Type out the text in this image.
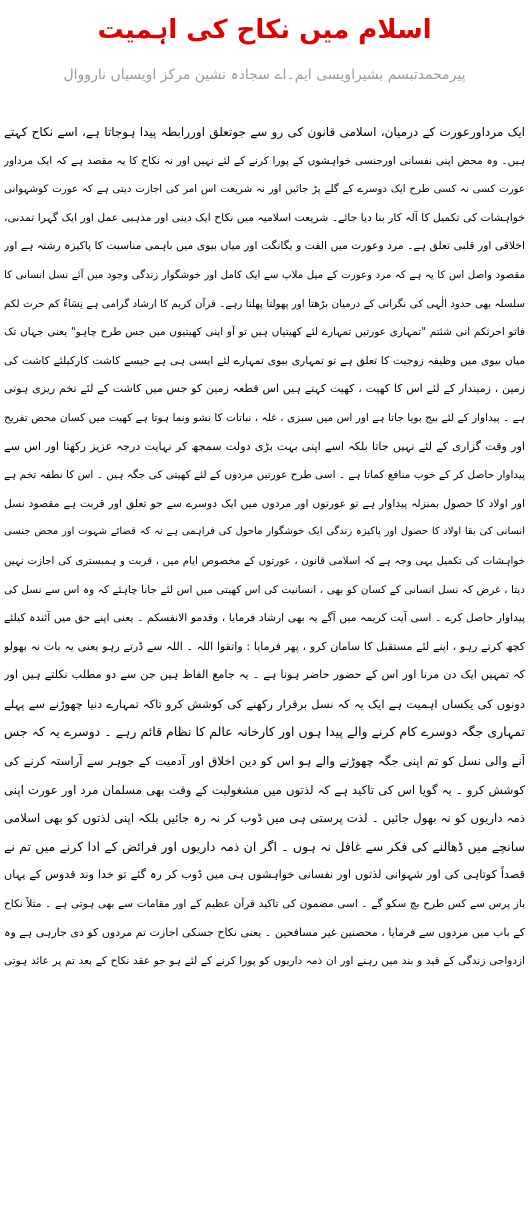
اسلام میں نکاح کی اہمیت
پیرمحمدتبسم بشیراویسی ایم۔اے سجادہ نشین مرکز اویسیاں نارووال
ایک مرداورعورت کے درمیان، اسلامی قانون کی رو سے جوتعلق اوررابطہ پیدا ہوجاتا ہے، اسے نکاح کہتے
ہیں۔ وہ محض اپنی نفسانی اورجنسی خواہشوں کے پورا کرنے کے لئے نہیں اور نہ نکاح کا یہ مقصد ہے کہ ایک مرداور
عورت کسی نہ کسی طرح ایک دوسرے کے گلے پڑ جائیں اور نہ شریعت اس امر کی اجازت دیتی ہے کہ عورت کوشہوانی
خواہشات کی تکمیل کا آلہ کار بنا دیا جائے۔ شریعت اسلامیہ میں نکاح ایک دینی اور مذہبی عمل اور ایک گہرا تمدنی،
اخلاقی اور قلبی تعلق ہے۔ مرد وعورت میں الفت و یگانگت اور میاں بیوی میں باہمی مناسبت کا پاکیزہ رشتہ ہے اور
مقصود واصل اس کا یہ ہے کہ مرد وعورت کے میل ملاپ سے ایک کامل اور خوشگوار زندگی وجود میں آئے نسل انسانی کا
سلسلہ بھی حدود الٰہی کی نگرانی کے درمیان بڑھتا اور پھولتا پھلتا رہے۔ قرآن کریم کا ارشاد گرامی ہے نِسَاءُ کم حرث لکم
فاتو احرثکم انی شئتم "تمہاری عورتیں تمہارے لئے کھیتیاں ہیں تو آو اپنی کھیتیوں میں جس طرح چاہو" یعنی جہاں تک
میاں بیوی میں وظیفہ زوجیت کا تعلق ہے تو تمہاری بیوی تمہارے لئے ایسی ہی ہے جیسے کاشت کارکیلئے کاشت کی
زمین ، زمیندار کے لئے اس کا کھیت ، کھیت کہتے ہیں اس قطعہ زمین کو جس میں کاشت کے لئے تخم ریزی ہوتی
ہے ۔ پیداوار کے لئے بیج بویا جاتا ہے اور اس میں سبزی ، غلہ ، نباتات کا نشو ونما ہوتا ہے کھیت میں کسان محض تفریح
اور وقت گزاری کے لئے نہیں جاتا بلکہ اسے اپنی بہت بڑی دولت سمجھ کر نہایت درجہ عزیز رکھتا اور اس سے
پیداوار حاصل کر کے خوب منافع کماتا ہے ۔ اسی طرح عورتیں مردوں کے لئے کھیتی کی جگہ ہیں ۔ اس کا نطفہ تخم ہے
اور اولاد کا حصول بمنزلہ پیداوار ہے تو عورتوں اور مردوں میں ایک دوسرے سے جو تعلق اور قربت ہے مقصود نسل
انسانی کی بقا اولاد کا حصول اور پاکیزہ زندگی ایک خوشگوار ماحول کی فراہمی ہے نہ کہ قضائے شہوت اور محض جنسی
خواہشات کی تکمیل یہی وجہ ہے کہ اسلامی قانون ، عورتوں کے مخصوص ایام میں ، قربت و ہمبستری کی اجازت نہیں
دیتا ، غرض کہ نسل انسانی کے کسان کو بھی ، انسانیت کی اس کھیتی میں اس لئے جانا چاہئے کہ وہ اس سے نسل کی
پیداوار حاصل کرے ۔ اسی آیت کریمہ میں آگے یہ بھی ارشاد فرمایا ، وقدمو الانفسکم ۔ یعنی اپنے حق میں آئندہ کیلئے
کچھ کرتے رہو ، اپنے لئے مستقبل کا سامان کرو ، پھر فرمایا : واتقوا اللہ ۔ اللہ سے ڈرتے رہو یعنی یہ بات نہ بھولو
کہ تمہیں ایک دن مرنا اور اس کے حضور حاضر ہونا ہے ۔ یہ جامع الفاظ ہیں جن سے دو مطلب نکلتے ہیں اور
دونوں کی یکساں اہمیت ہے ایک یہ کہ نسل برقرار رکھنے کی کوشش کرو تاکہ تمہارے دنیا چھوڑنے سے پہلے
تمہاری جگہ دوسرے کام کرنے والے پیدا ہوں اور کارخانہ عالم کا نظام قائم رہے ۔ دوسرے یہ کہ جس
آنے والی نسل کو تم اپنی جگہ چھوڑنے والے ہو اس کو دین اخلاق اور آدمیت کے جوہر سے آراستہ کرنے کی
کوشش کرو ۔ یہ گویا اس کی تاکید ہے کہ لذتوں میں مشغولیت کے وقت بھی مسلمان مرد اور عورت اپنی
ذمہ داریوں کو نہ بھول جائیں ۔ لذت پرستی ہی میں ڈوب کر نہ رہ جائیں بلکہ اپنی لذتوں کو بھی اسلامی
سانچے میں ڈھالنے کی فکر سے غافل نہ ہوں ۔ اگر ان ذمہ داریوں اور فرائض کے ادا کرنے میں تم نے
قصداً کوتاہی کی اور شہوانی لذتوں اور نفسانی خواہشوں ہی میں ڈوب کر رہ گئے تو خدا وند قدوس کے یہاں
باز پرس سے کس طرح بچ سکو گے ۔ اسی مضمون کی تاکید قرآن عظیم کے اور مقامات سے بھی ہوتی ہے ۔ مثلاً نکاح
کے باب میں مردوں سے فرمایا ، محصنین غیر مسافحین ۔ یعنی نکاح جسکی اجازت تم مردوں کو دی جارہی ہے وہ
ازدواجی زندگی کے قید و بند میں رہنے اور ان ذمہ داریوں کو پورا کرنے کے لئے ہو جو عقد نکاح کے بعد تم پر عائد ہوتی
